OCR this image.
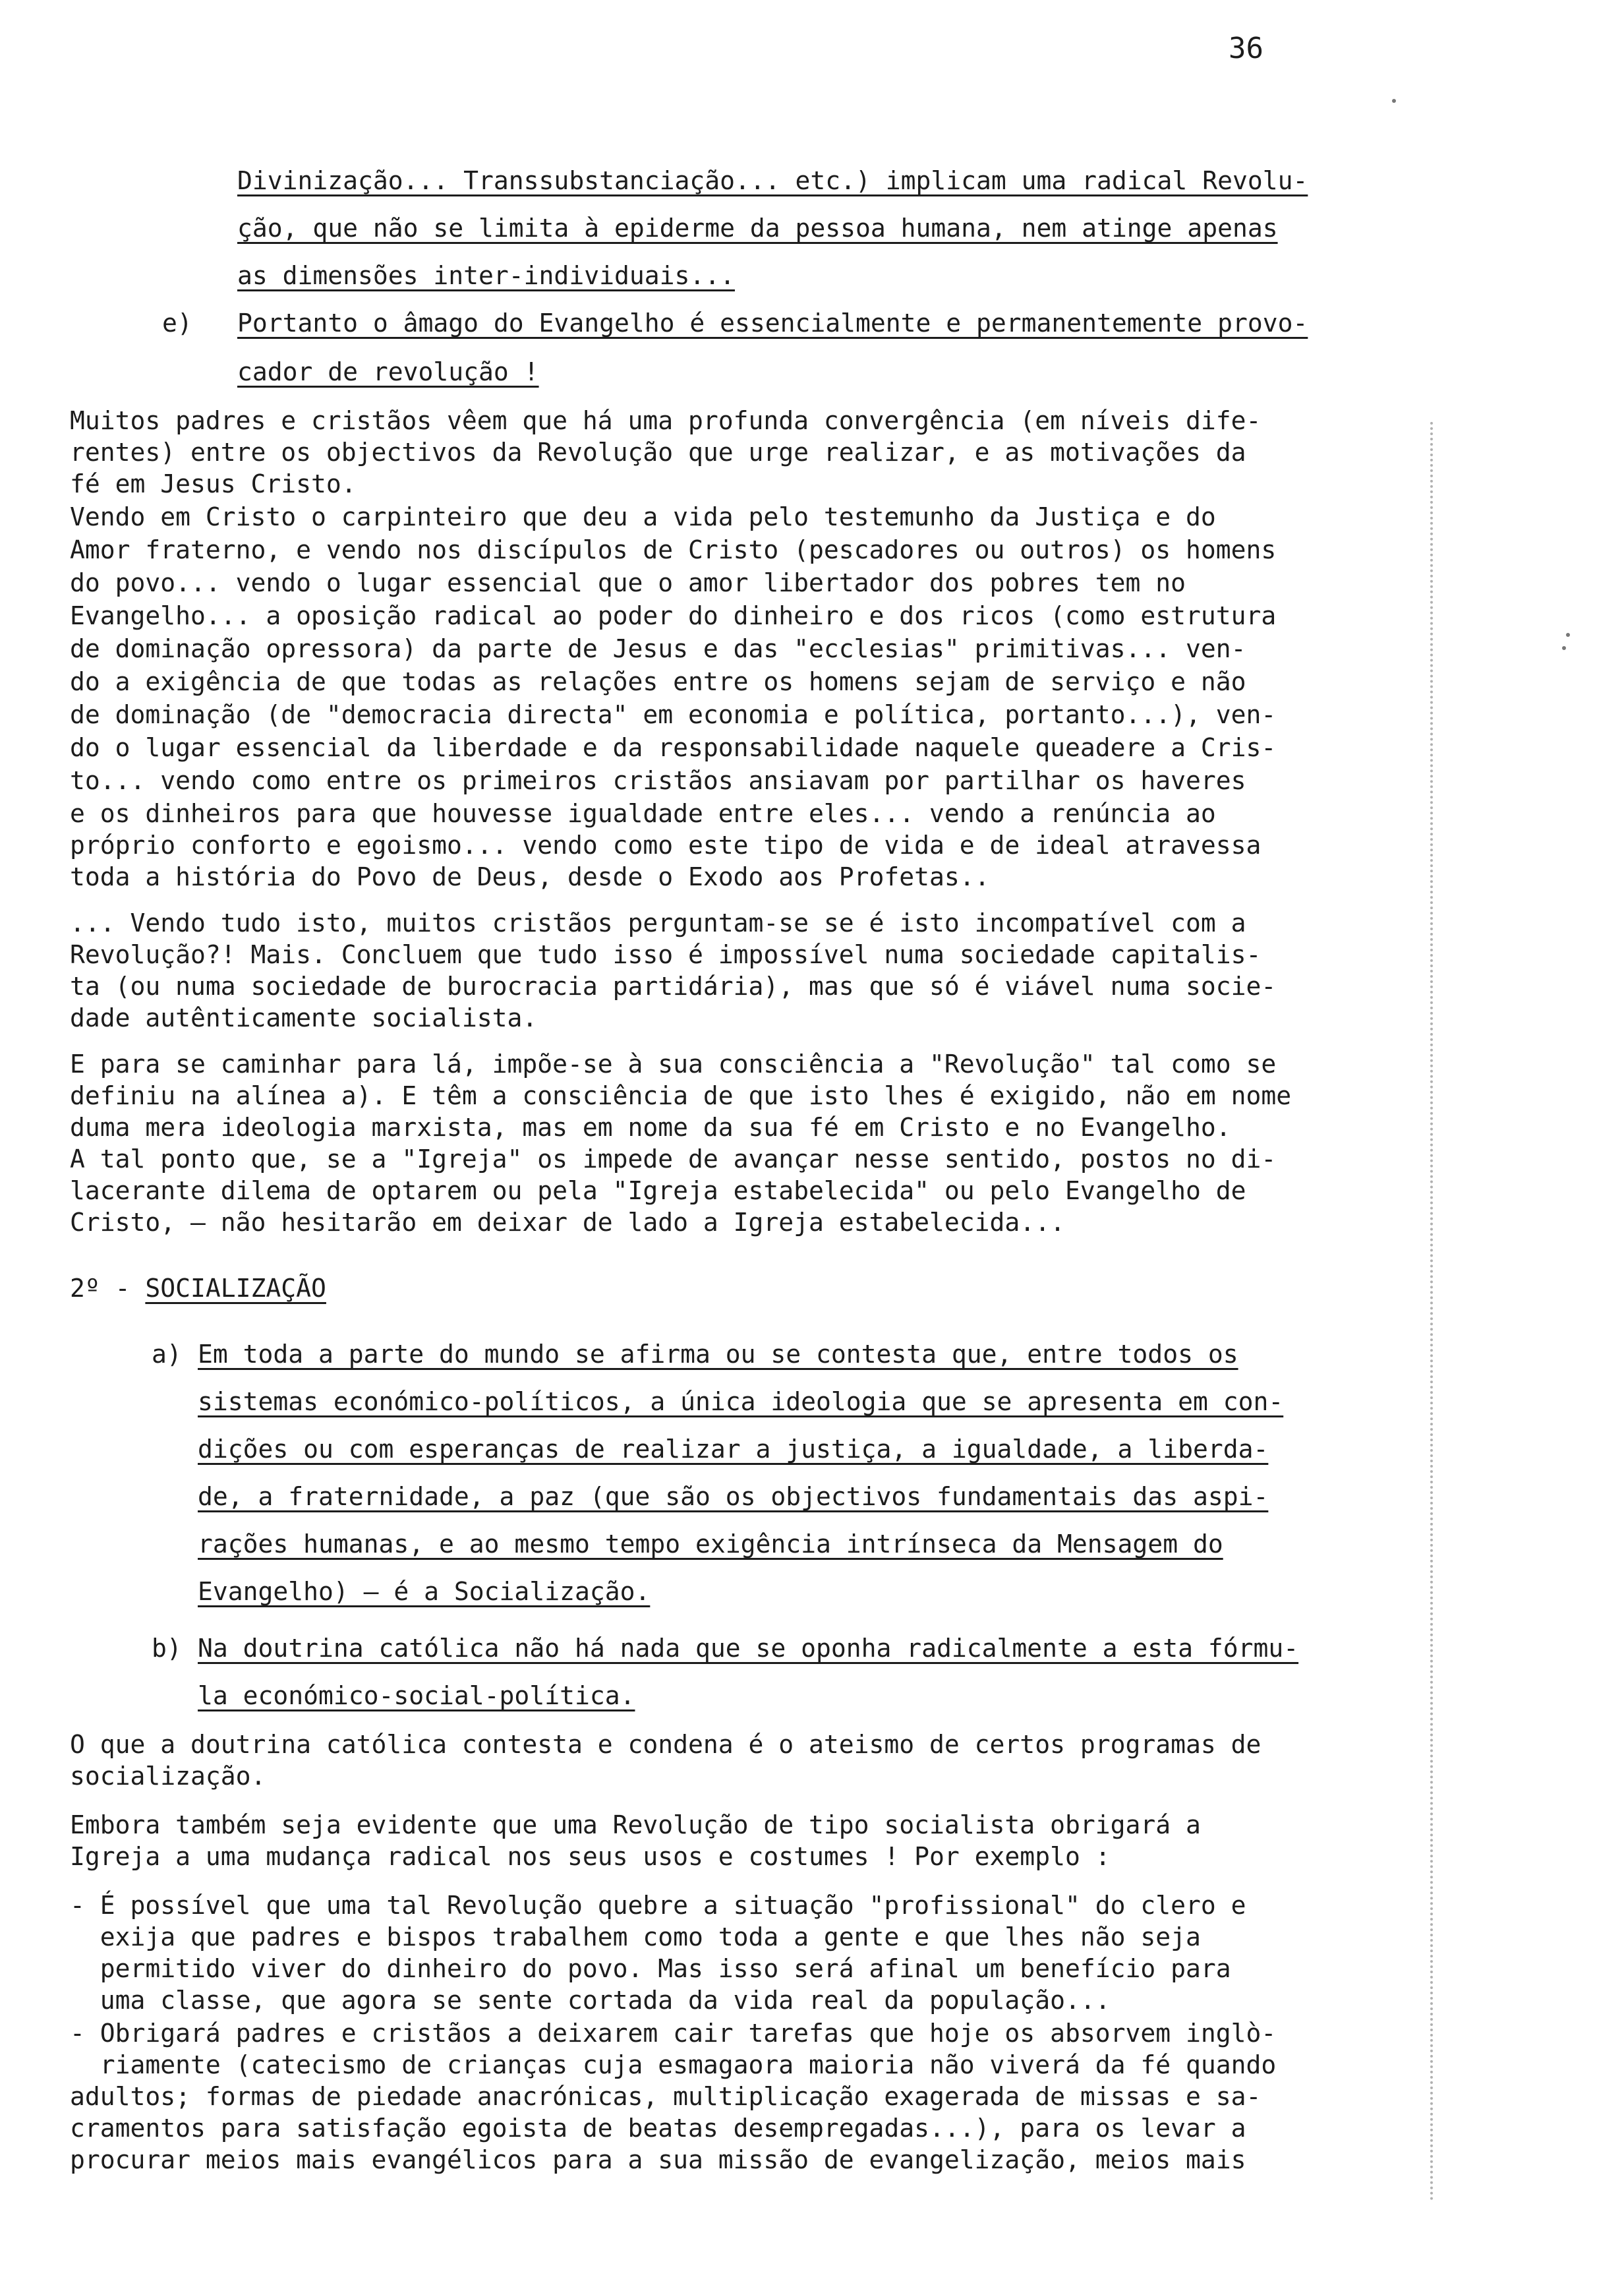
36
Divinização... Transsubstanciação... etc.) implicam uma radical Revolu-
ção, que não se limita à epiderme da pessoa humana, nem atinge apenas
as dimensões inter-individuais...
e) Portanto o âmago do Evangelho é essencialmente e permanentemente provo-
cador de revolução !
Muitos padres e cristãos vêem que há uma profunda convergência (em níveis dife-
rentes) entre os objectivos da Revolução que urge realizar, e as motivações da
fé em Jesus Cristo.
Vendo em Cristo o carpinteiro que deu a vida pelo testemunho da Justiça e do
Amor fraterno, e vendo nos discípulos de Cristo (pescadores ou outros) os homens
do povo... vendo o lugar essencial que o amor libertador dos pobres tem no
Evangelho... a oposição radical ao poder do dinheiro e dos ricos (como estrutura
de dominação opressora) da parte de Jesus e das "ecclesias" primitivas... ven-
do a exigência de que todas as relações entre os homens sejam de serviço e não
de dominação (de "democracia directa" em economia e política, portanto...), ven-
do o lugar essencial da liberdade e da responsabilidade naquele queadere a Cris-
to... vendo como entre os primeiros cristãos ansiavam por partilhar os haveres
e os dinheiros para que houvesse igualdade entre eles... vendo a renúncia ao
próprio conforto e egoismo... vendo como este tipo de vida e de ideal atravessa
toda a história do Povo de Deus, desde o Exodo aos Profetas..
... Vendo tudo isto, muitos cristãos perguntam-se se é isto incompatível com a
Revolução?! Mais. Concluem que tudo isso é impossível numa sociedade capitalis-
ta (ou numa sociedade de burocracia partidária), mas que só é viável numa socie-
dade autênticamente socialista.
E para se caminhar para lá, impõe-se à sua consciência a "Revolução" tal como se
definiu na alínea a). E têm a consciência de que isto lhes é exigido, não em nome
duma mera ideologia marxista, mas em nome da sua fé em Cristo e no Evangelho.
A tal ponto que, se a "Igreja" os impede de avançar nesse sentido, postos no di-
lacerante dilema de optarem ou pela "Igreja estabelecida" ou pelo Evangelho de
Cristo, — não hesitarão em deixar de lado a Igreja estabelecida...
2º - SOCIALIZAÇÃO
a) Em toda a parte do mundo se afirma ou se contesta que, entre todos os
sistemas económico-políticos, a única ideologia que se apresenta em con-
dições ou com esperanças de realizar a justiça, a igualdade, a liberda-
de, a fraternidade, a paz (que são os objectivos fundamentais das aspi-
rações humanas, e ao mesmo tempo exigência intrínseca da Mensagem do
Evangelho) — é a Socialização.
b) Na doutrina católica não há nada que se oponha radicalmente a esta fórmu-
la económico-social-política.
O que a doutrina católica contesta e condena é o ateismo de certos programas de
socialização.
Embora também seja evidente que uma Revolução de tipo socialista obrigará a
Igreja a uma mudança radical nos seus usos e costumes ! Por exemplo :
- É possível que uma tal Revolução quebre a situação "profissional" do clero e
exija que padres e bispos trabalhem como toda a gente e que lhes não seja
permitido viver do dinheiro do povo. Mas isso será afinal um benefício para
uma classe, que agora se sente cortada da vida real da população...
- Obrigará padres e cristãos a deixarem cair tarefas que hoje os absorvem inglò-
riamente (catecismo de crianças cuja esmagaora maioria não viverá da fé quando
adultos; formas de piedade anacrónicas, multiplicação exagerada de missas e sa-
cramentos para satisfação egoista de beatas desempregadas...), para os levar a
procurar meios mais evangélicos para a sua missão de evangelização, meios mais
